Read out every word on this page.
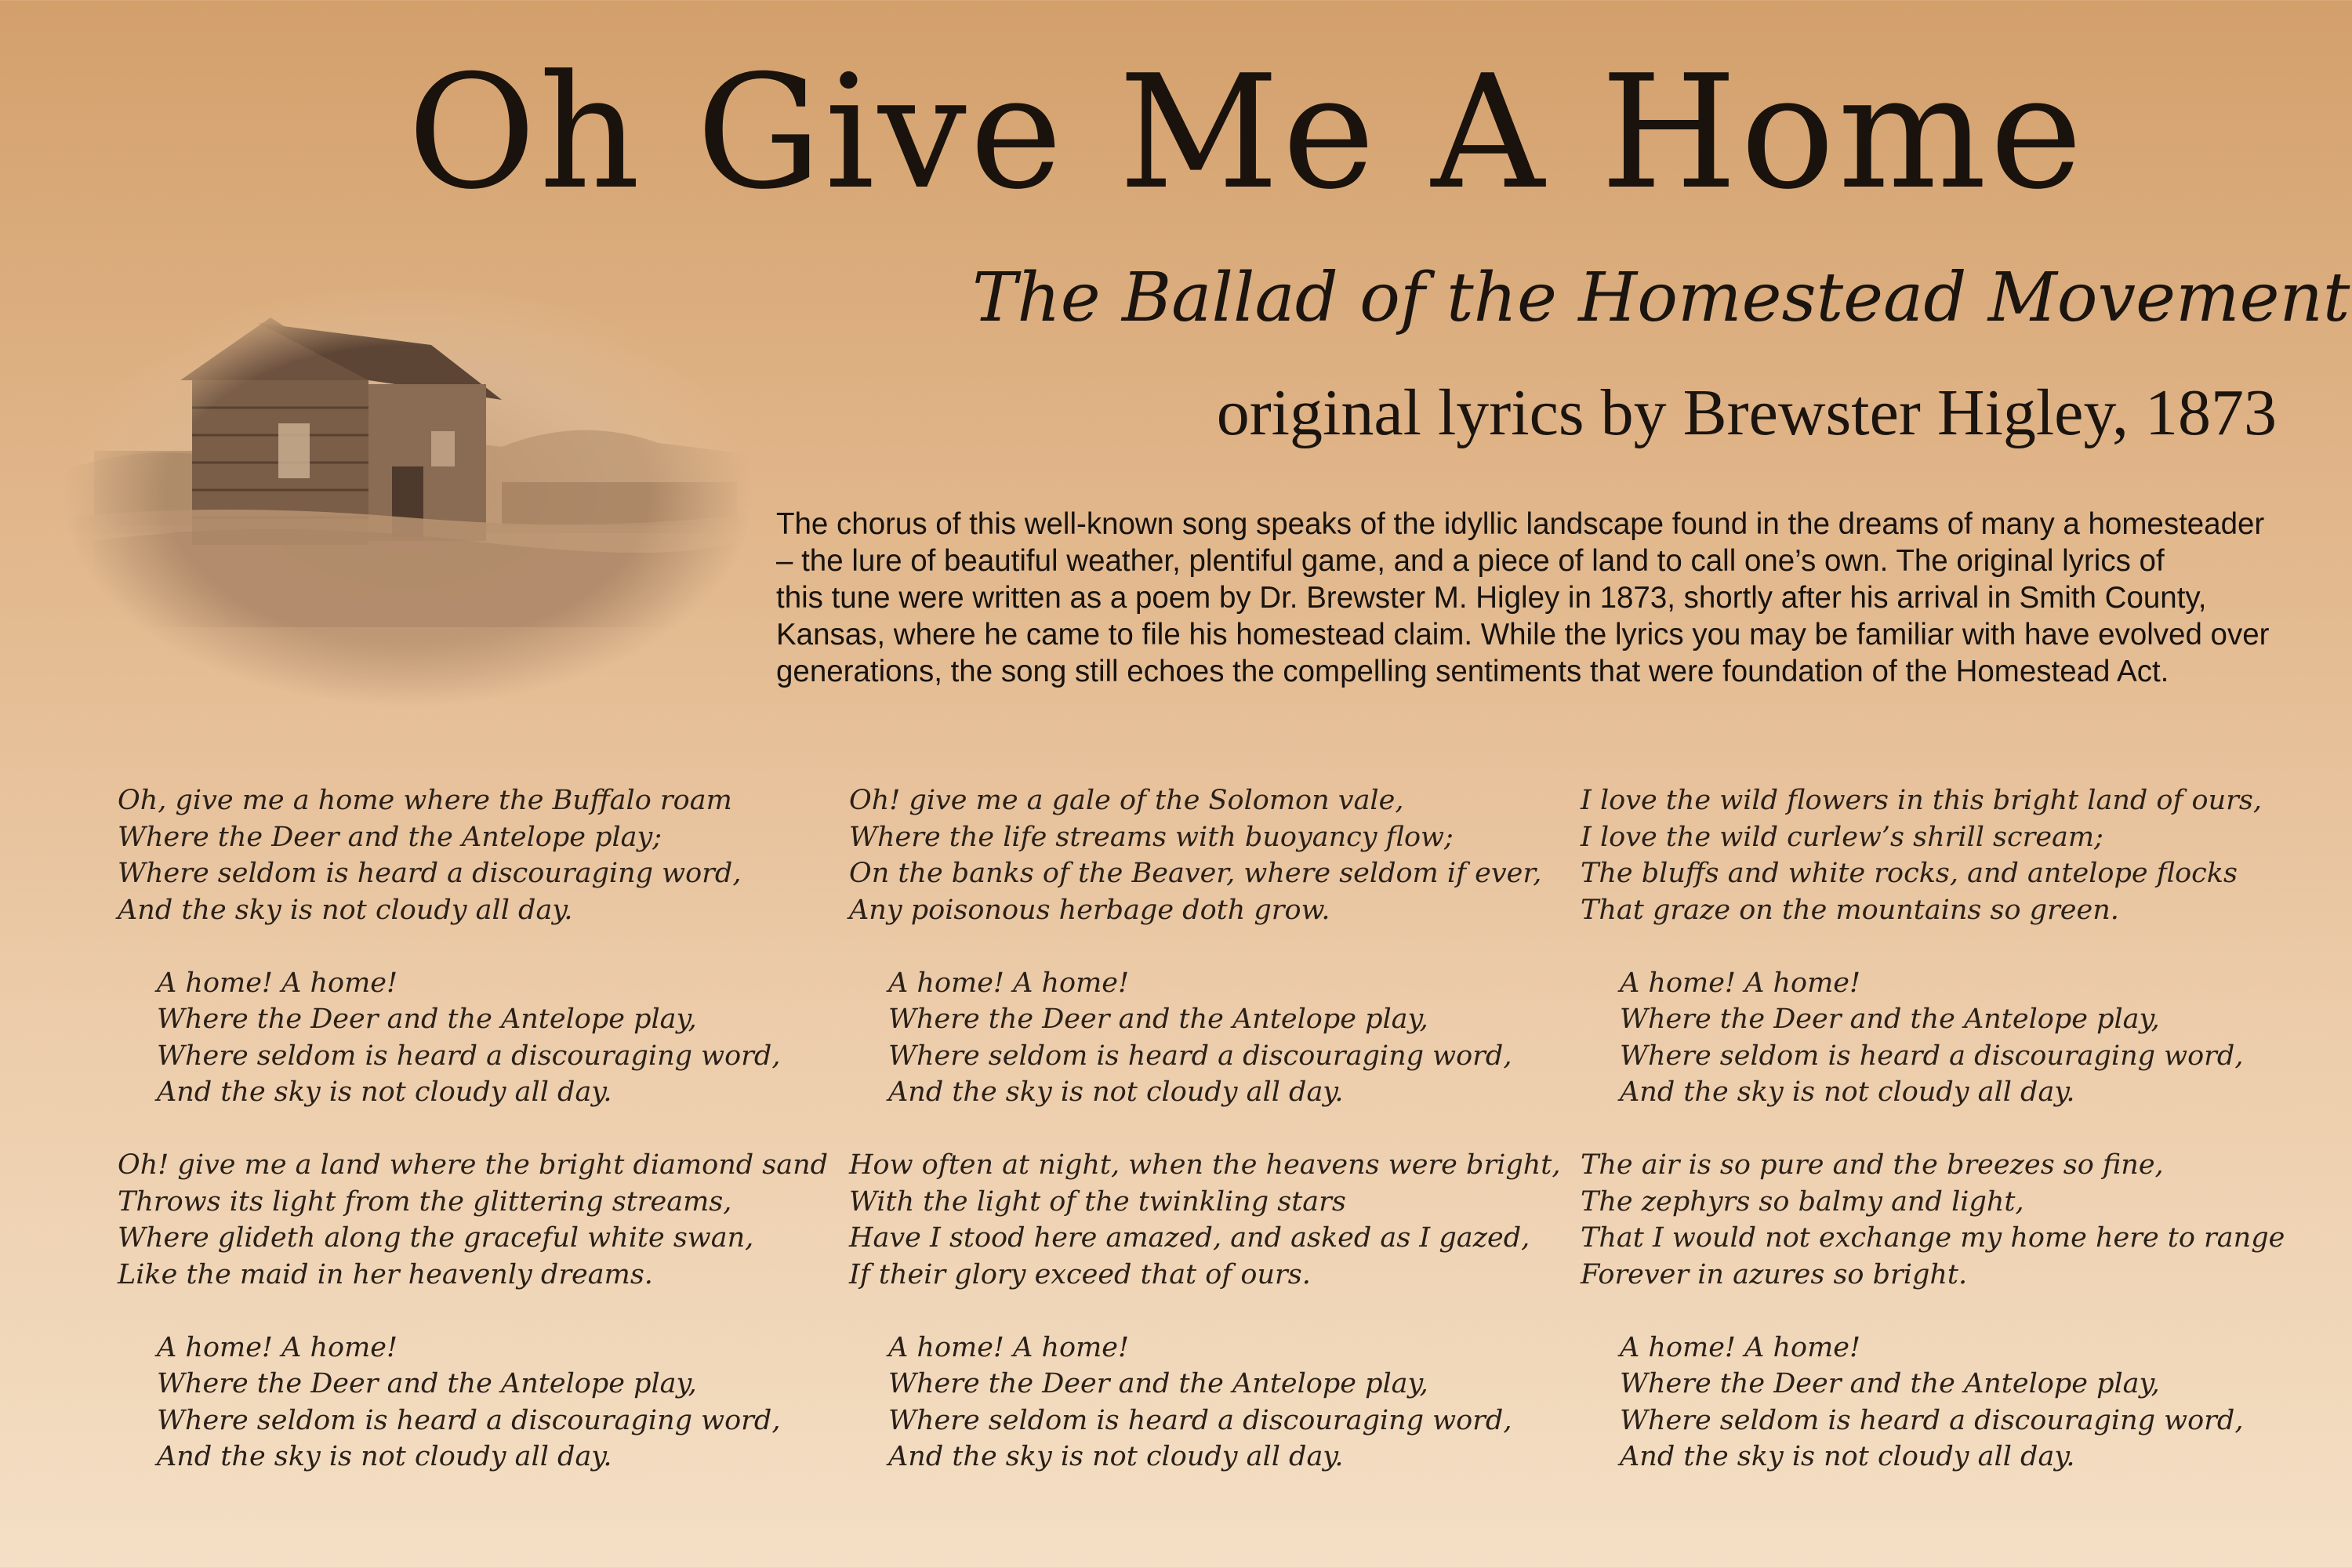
Oh Give Me A Home
The Ballad of the Homestead Movement
original lyrics by Brewster Higley, 1873

The chorus of this well-known song speaks of the idyllic landscape found in the dreams of many a homesteader

– the lure of beautiful weather, plentiful game, and a piece of land to call one’s own. The original lyrics of

this tune were written as a poem by Dr. Brewster M. Higley in 1873, shortly after his arrival in Smith County,

Kansas, where he came to file his homestead claim. While the lyrics you may be familiar with have evolved over

generations, the song still echoes the compelling sentiments that were foundation of the Homestead Act.

Oh, give me a home where the Buffalo roam
Where the Deer and the Antelope play;
Where seldom is heard a discouraging word,
And the sky is not cloudy all day.
A home! A home!
Where the Deer and the Antelope play,
Where seldom is heard a discouraging word,
And the sky is not cloudy all day.
Oh! give me a land where the bright diamond sand
Throws its light from the glittering streams,
Where glideth along the graceful white swan,
Like the maid in her heavenly dreams.
A home! A home!
Where the Deer and the Antelope play,
Where seldom is heard a discouraging word,
And the sky is not cloudy all day.
Oh! give me a gale of the Solomon vale,
Where the life streams with buoyancy flow;
On the banks of the Beaver, where seldom if ever,
Any poisonous herbage doth grow.
A home! A home!
Where the Deer and the Antelope play,
Where seldom is heard a discouraging word,
And the sky is not cloudy all day.
How often at night, when the heavens were bright,
With the light of the twinkling stars
Have I stood here amazed, and asked as I gazed,
If their glory exceed that of ours.
A home! A home!
Where the Deer and the Antelope play,
Where seldom is heard a discouraging word,
And the sky is not cloudy all day.
I love the wild flowers in this bright land of ours,
I love the wild curlew’s shrill scream;
The bluffs and white rocks, and antelope flocks
That graze on the mountains so green.
A home! A home!
Where the Deer and the Antelope play,
Where seldom is heard a discouraging word,
And the sky is not cloudy all day.
The air is so pure and the breezes so fine,
The zephyrs so balmy and light,
That I would not exchange my home here to range
Forever in azures so bright.
A home! A home!
Where the Deer and the Antelope play,
Where seldom is heard a discouraging word,
And the sky is not cloudy all day.
